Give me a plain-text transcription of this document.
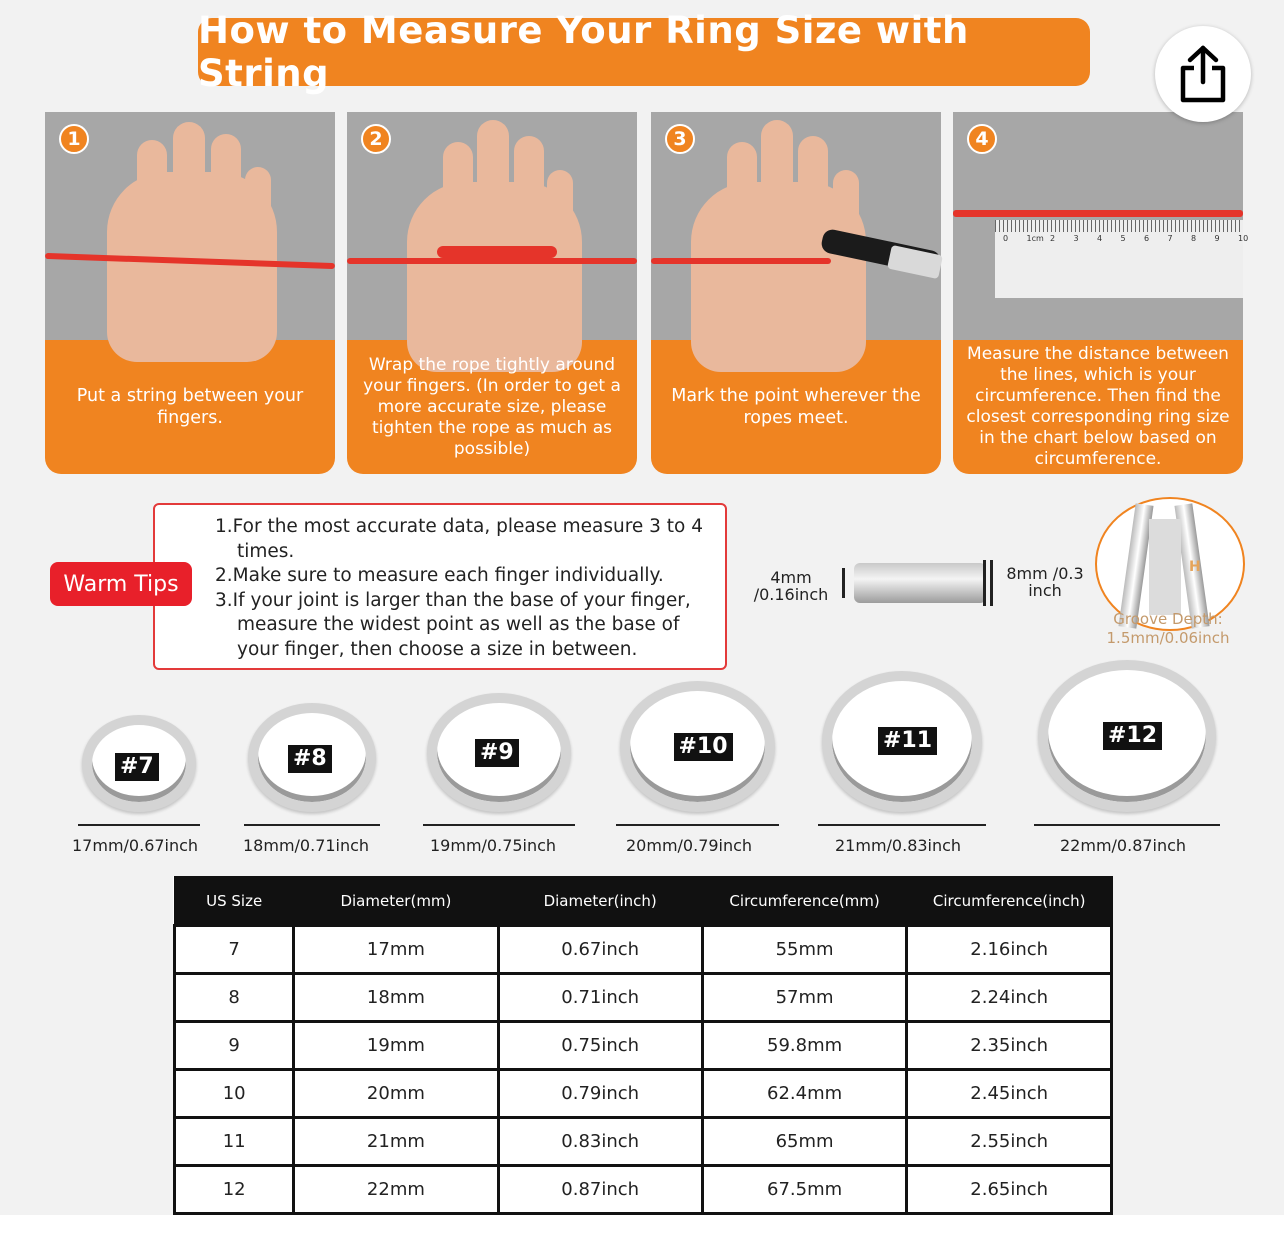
How to Measure Your Ring Size with String
1
Put a string between your fingers.
2
Wrap the rope tightly around your fingers. (In order to get a more accurate size, please tighten the rope as much as possible)
3
Mark the point wherever the ropes meet.
0 1cm 2 3 4 5 6 7 8 9 10
4
Measure the distance between the lines, which is your circumference. Then find the closest corresponding ring size in the chart below based on circumference.
1.For the most accurate data, please measure 3 to 4 times.
2.Make sure to measure each finger individually.
3.If your joint is larger than the base of your finger, measure the widest point as well as the base of your finger, then choose a size in between.
Warm Tips	4mm /0.16inch
8mm /0.3 inch
H
Groove Depth: 1.5mm/0.06inch
#7
17mm/0.67inch
#8
18mm/0.71inch
#9
19mm/0.75inch
#10
20mm/0.79inch
#11
21mm/0.83inch
#12
22mm/0.87inch
US Size	Diameter(mm)	Diameter(inch)	Circumference(mm)	Circumference(inch)
7	17mm	0.67inch	55mm	2.16inch
8	18mm	0.71inch	57mm	2.24inch
9	19mm	0.75inch	59.8mm	2.35inch
10	20mm	0.79inch	62.4mm	2.45inch
11	21mm	0.83inch	65mm	2.55inch
12	22mm	0.87inch	67.5mm	2.65inch
